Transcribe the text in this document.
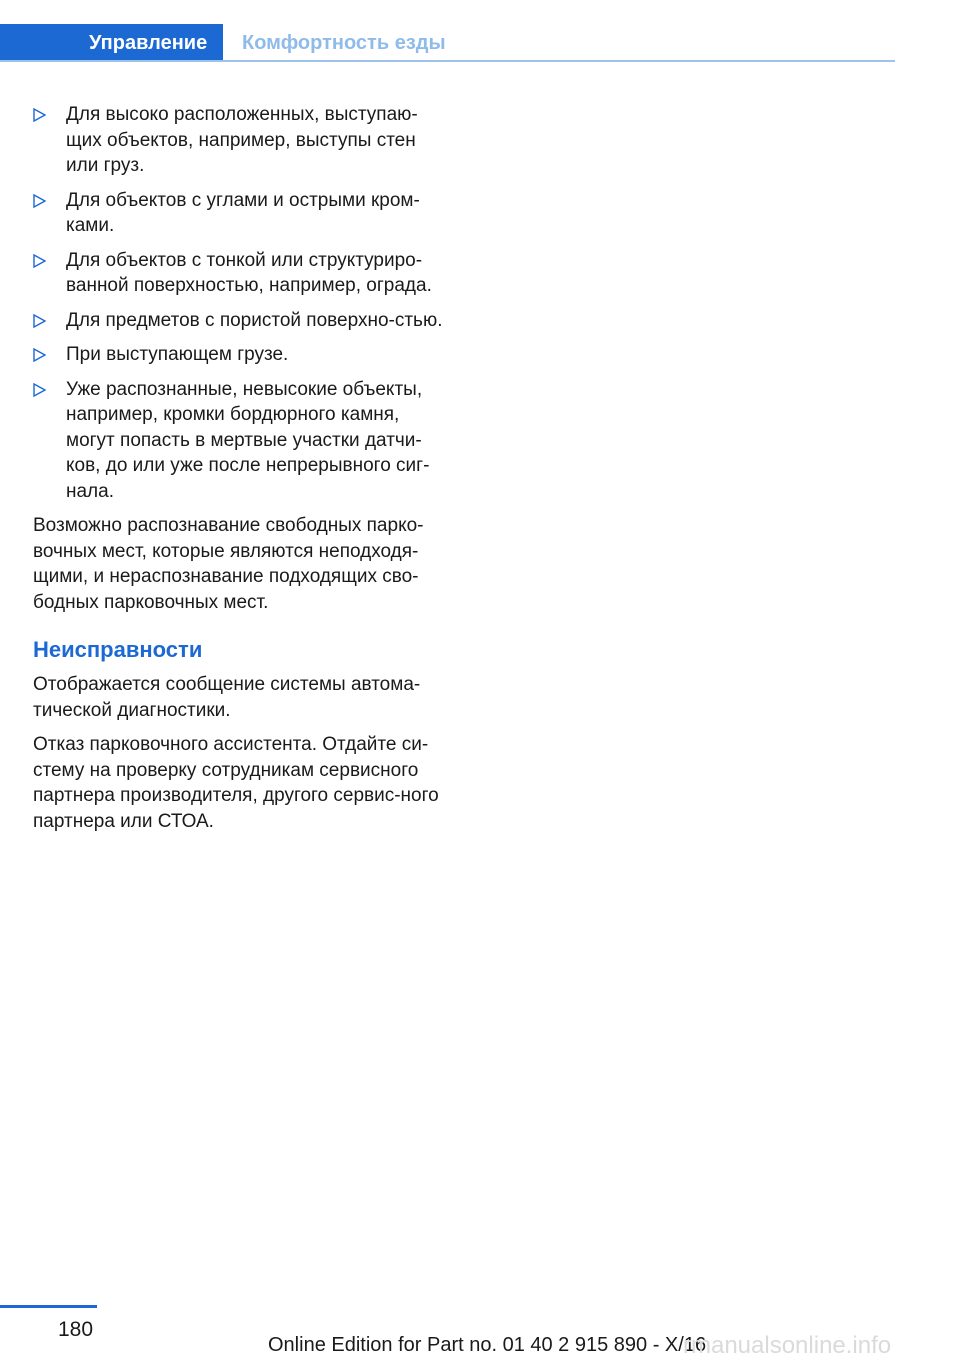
Управление	Комфортность езды
Для высоко расположенных, выступаю-щих объектов, например, выступы стен или груз.
Для объектов с углами и острыми кром-ками.
Для объектов с тонкой или структуриро-ванной поверхностью, например, ограда.
Для предметов с пористой поверхно-стью.
При выступающем грузе.
Уже распознанные, невысокие объекты, например, кромки бордюрного камня, могут попасть в мертвые участки датчи-ков, до или уже после непрерывного сиг-нала.

Возможно распознавание свободных парко-вочных мест, которые являются неподходя-щими, и нераспознавание подходящих сво-бодных парковочных мест.

Неисправности

Отображается сообщение системы автома-тической диагностики.

Отказ парковочного ассистента. Отдайте си-стему на проверку сотрудникам сервисного партнера производителя, другого сервис-ного партнера или СТОА.

180
Online Edition for Part no. 01 40 2 915 890 - X/16
rmanualsonline.info
